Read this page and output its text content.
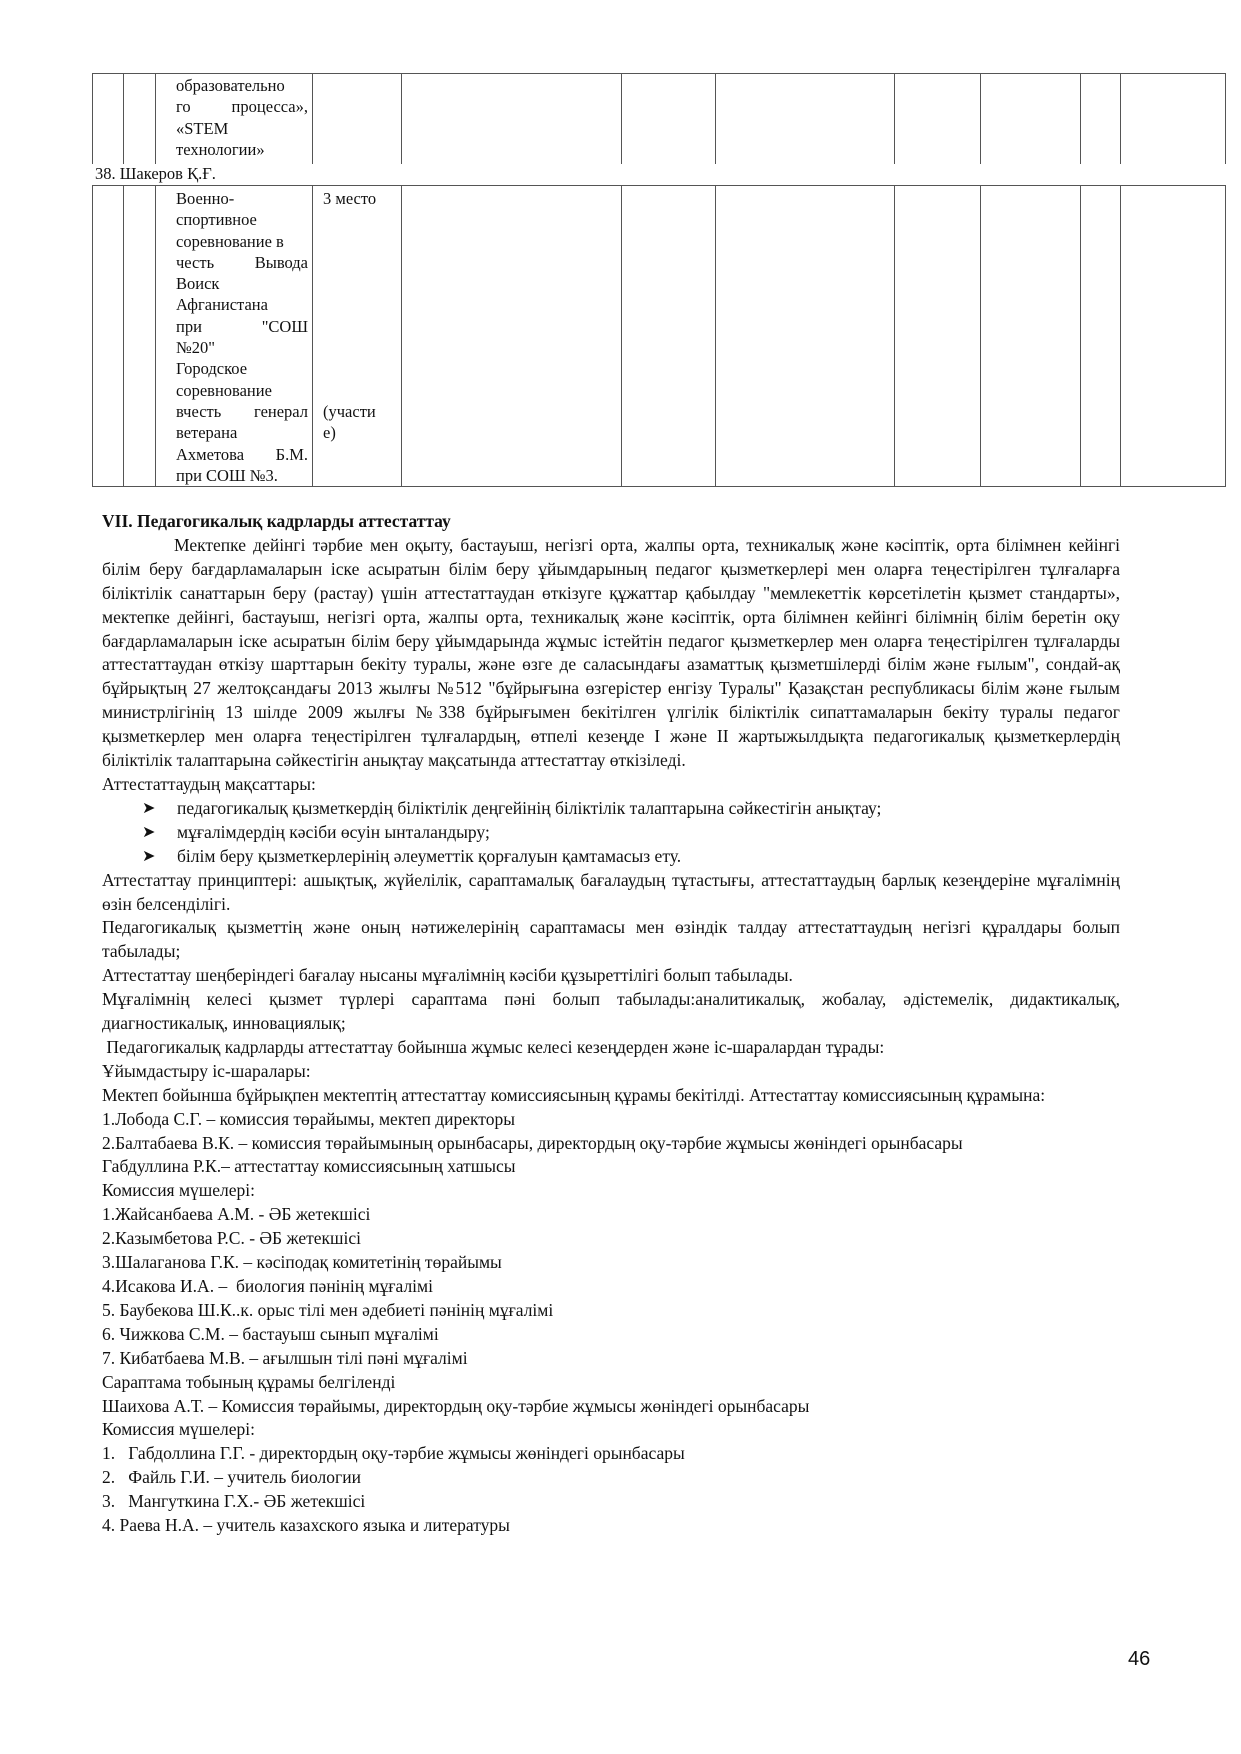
образовательно
го процесса»,
«STEM
технологии»
38. Шакеров Қ.Ғ.
Военно-
спортивное
соревнование в
честь Вывода
Воиск
Афганистана
при "СОШ
№20"
Городское
соревнование
вчесть генерал
ветерана
Ахметова Б.М.
при СОШ №3.
3 место
(участи
е)
VII. Педагогикалық кадрларды аттестаттау
Мектепке дейінгі тәрбие мен оқыту, бастауыш, негізгі орта, жалпы орта, техникалық және кәсіптік, орта білімнен кейінгі білім беру бағдарламаларын іске асыратын білім беру ұйымдарының педагог қызметкерлері мен оларға теңестірілген тұлғаларға біліктілік санаттарын беру (растау) үшін аттестаттаудан өткізуге құжаттар қабылдау "мемлекеттік көрсетілетін қызмет стандарты», мектепке дейінгі, бастауыш, негізгі орта, жалпы орта, техникалық және кәсіптік, орта білімнен кейінгі білімнің білім беретін оқу бағдарламаларын іске асыратын білім беру ұйымдарында жұмыс істейтін педагог қызметкерлер мен оларға теңестірілген тұлғаларды аттестаттаудан өткізу шарттарын бекіту туралы, және өзге де саласындағы азаматтық қызметшілерді білім және ғылым", сондай-ақ бұйрықтың 27 желтоқсандағы 2013 жылғы №512 "бұйрығына өзгерістер енгізу Туралы" Қазақстан республикасы білім және ғылым министрлігінің 13 шілде 2009 жылғы №338 бұйрығымен бекітілген үлгілік біліктілік сипаттамаларын бекіту туралы педагог қызметкерлер мен оларға теңестірілген тұлғалардың, өтпелі кезеңде I және II жартыжылдықта педагогикалық қызметкерлердің біліктілік талаптарына сәйкестігін анықтау мақсатында аттестаттау өткізіледі.
Аттестаттаудың мақсаттары:
➤ педагогикалық қызметкердің біліктілік деңгейінің біліктілік талаптарына сәйкестігін анықтау;
➤ мұғалімдердің кәсіби өсуін ынталандыру;
➤ білім беру қызметкерлерінің әлеуметтік қорғалуын қамтамасыз ету.
Аттестаттау принциптері: ашықтық, жүйелілік, сараптамалық бағалаудың тұтастығы, аттестаттаудың барлық кезеңдеріне мұғалімнің өзін белсенділігі.
Педагогикалық қызметтің және оның нәтижелерінің сараптамасы мен өзіндік талдау аттестаттаудың негізгі құралдары болып табылады;
Аттестаттау шеңберіндегі бағалау нысаны мұғалімнің кәсіби құзыреттілігі болып табылады.
Мұғалімнің келесі қызмет түрлері сараптама пәні болып табылады:аналитикалық, жобалау, әдістемелік, дидактикалық, диагностикалық, инновациялық;
Педагогикалық кадрларды аттестаттау бойынша жұмыс келесі кезеңдерден және іс-шаралардан тұрады:
Ұйымдастыру іс-шаралары:
Мектеп бойынша бұйрықпен мектептің аттестаттау комиссиясының құрамы бекітілді. Аттестаттау комиссиясының құрамына:
1.Лобода С.Г. – комиссия төрайымы, мектеп директоры
2.Балтабаева В.К. – комиссия төрайымының орынбасары, директордың оқу-тәрбие жұмысы жөніндегі орынбасары
Габдуллина Р.К.– аттестаттау комиссиясының хатшысы
Комиссия мүшелері:
1.Жайсанбаева А.М. - ӘБ жетекшісі
2.Казымбетова Р.С. - ӘБ жетекшісі
3.Шалаганова Г.К. – кәсіподақ комитетінің төрайымы
4.Исакова И.А. –  биология пәнінің мұғалімі
5. Баубекова Ш.К..к. орыс тілі мен әдебиеті пәнінің мұғалімі
6. Чижкова С.М. – бастауыш сынып мұғалімі
7. Кибатбаева М.В. – ағылшын тілі пәні мұғалімі
Сараптама тобының құрамы белгіленді
Шаихова А.Т. – Комиссия төрайымы, директордың оқу-тәрбие жұмысы жөніндегі орынбасары
Комиссия мүшелері:
1.   Габдоллина Г.Г. - директордың оқу-тәрбие жұмысы жөніндегі орынбасары
2.   Файль Г.И. – учитель биологии
3.   Мангуткина Г.Х.- ӘБ жетекшісі
4. Раева Н.А. – учитель казахского языка и литературы
46
